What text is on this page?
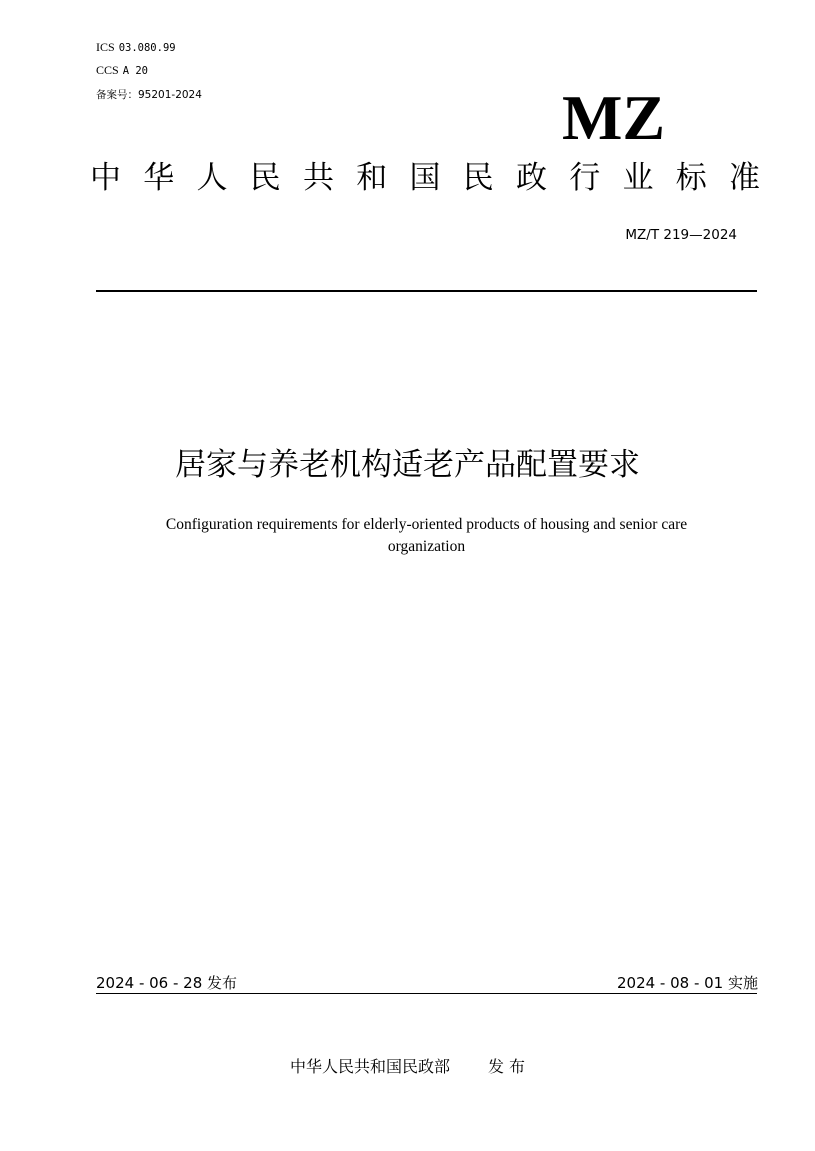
ICS 03.080.99
CCS A 20
备案号：95201-2024	MZ
中 华 人 民 共 和 国 民 政 行 业 标 准
MZ/T 219—2024
居家与养老机构适老产品配置要求
Configuration requirements for elderly-oriented products of housing and senior care
organization
2024 - 06 - 28 发布	2024 - 08 - 01 实施
中华人民共和国民政部 发 布
